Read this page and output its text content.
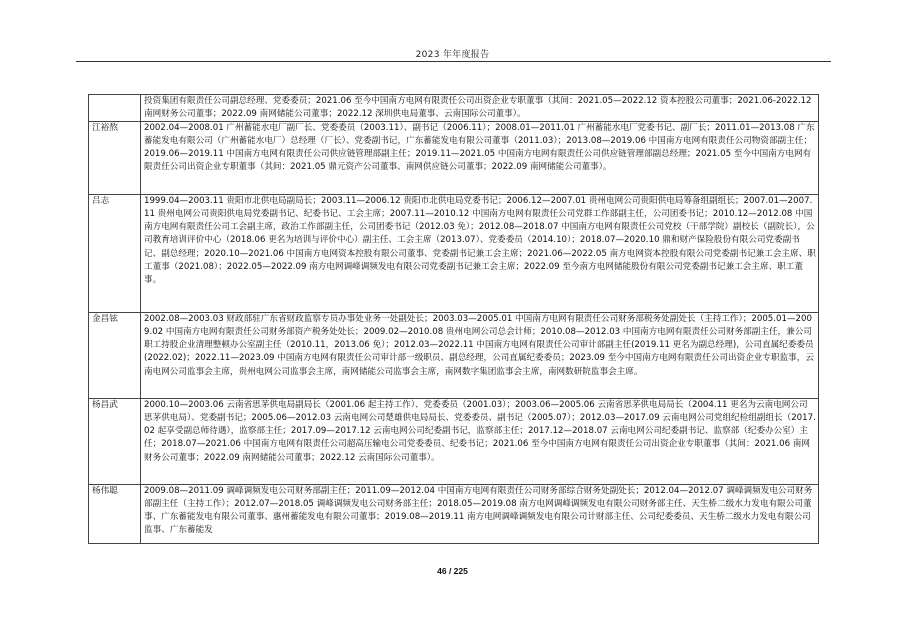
2023 年年度报告
	投资集团有限责任公司副总经理、党委委员；2021.06 至今中国南方电网有限责任公司出资企业专职董事（其间：2021.05—2022.12 资本控股公司董事；2021.06-2022.12 南网财务公司董事；2022.09 南网储能公司董事；2022.12 深圳供电局董事、云南国际公司董事）。
江裕熬	2002.04—2008.01 广州蓄能水电厂副厂长、党委委员（2003.11）、副书记（2006.11）；2008.01—2011.01 广州蓄能水电厂党委书记、副厂长；2011.01—2013.08 广东蓄能发电有限公司（广州蓄能水电厂）总经理（厂长）、党委副书记，广东蓄能发电有限公司董事（2011.03）；2013.08—2019.06 中国南方电网有限责任公司物资部副主任；2019.06—2019.11 中国南方电网有限责任公司供应链管理部副主任；2019.11—2021.05 中国南方电网有限责任公司供应链管理部副总经理；2021.05 至今中国南方电网有限责任公司出资企业专职董事（其间：2021.05 鼎元资产公司董事、南网供应链公司董事；2022.09 南网储能公司董事）。
吕志	1999.04—2003.11 贵阳市北供电局副局长；2003.11—2006.12 贵阳市北供电局党委书记；2006.12—2007.01 贵州电网公司贵阳供电局筹备组副组长；2007.01—2007.11 贵州电网公司贵阳供电局党委副书记、纪委书记、工会主席；2007.11—2010.12 中国南方电网有限责任公司党群工作部副主任，公司团委书记；2010.12—2012.08 中国南方电网有限责任公司工会副主席，政治工作部副主任，公司团委书记（2012.03 免）；2012.08—2018.07 中国南方电网有限责任公司党校（干部学院）副校长（副院长），公司教育培训评价中心（2018.06 更名为培训与评价中心）副主任、工会主席（2013.07）、党委委员（2014.10）；2018.07—2020.10 鼎和财产保险股份有限公司党委副书记、副总经理；2020.10—2021.06 中国南方电网资本控股有限公司董事、党委副书记兼工会主席；2021.06—2022.05 南方电网资本控股有限公司党委副书记兼工会主席、职工董事（2021.08）；2022.05—2022.09 南方电网调峰调频发电有限公司党委副书记兼工会主席；2022.09 至今南方电网储能股份有限公司党委副书记兼工会主席、职工董事。
金昌铉	2002.08—2003.03 财政部驻广东省财政监察专员办事处业务一处副处长；2003.03—2005.01 中国南方电网有限责任公司财务部税务处副处长（主持工作）；2005.01—2009.02 中国南方电网有限责任公司财务部资产税务处处长；2009.02—2010.08 贵州电网公司总会计师；2010.08—2012.03 中国南方电网有限责任公司财务部副主任，兼公司职工持股企业清理整顿办公室副主任（2010.11，2013.06 免）；2012.03—2022.11 中国南方电网有限责任公司审计部副主任(2019.11 更名为副总经理)，公司直属纪委委员(2022.02)；2022.11—2023.09 中国南方电网有限责任公司审计部一级职员、副总经理，公司直属纪委委员；2023.09 至今中国南方电网有限责任公司出资企业专职监事，云南电网公司监事会主席，贵州电网公司监事会主席，南网储能公司监事会主席，南网数字集团监事会主席，南网数研院监事会主席。
杨昌武	2000.10—2003.06 云南省思茅供电局副局长（2001.06 起主持工作）、党委委员（2001.03）；2003.06—2005.06 云南省思茅供电局局长（2004.11 更名为云南电网公司思茅供电局）、党委副书记；2005.06—2012.03 云南电网公司楚雄供电局局长、党委委员、副书记（2005.07）；2012.03—2017.09 云南电网公司党组纪检组副组长（2017.02 起享受副总师待遇），监察部主任；2017.09—2017.12 云南电网公司纪委副书记，监察部主任；2017.12—2018.07 云南电网公司纪委副书记、监察部（纪委办公室）主任；2018.07—2021.06 中国南方电网有限责任公司超高压输电公司党委委员、纪委书记；2021.06 至今中国南方电网有限责任公司出资企业专职董事（其间：2021.06 南网财务公司董事；2022.09 南网储能公司董事；2022.12 云南国际公司董事）。
杨伟聪	2009.08—2011.09 调峰调频发电公司财务部副主任；2011.09—2012.04 中国南方电网有限责任公司财务部综合财务处副处长；2012.04—2012.07 调峰调频发电公司财务部副主任（主持工作）；2012.07—2018.05 调峰调频发电公司财务部主任；2018.05—2019.08 南方电网调峰调频发电有限公司财务部主任、天生桥二级水力发电有限公司董事、广东蓄能发电有限公司董事、惠州蓄能发电有限公司董事；2019.08—2019.11 南方电网调峰调频发电有限公司计财部主任、公司纪委委员、天生桥二级水力发电有限公司监事、广东蓄能发
46 / 225
